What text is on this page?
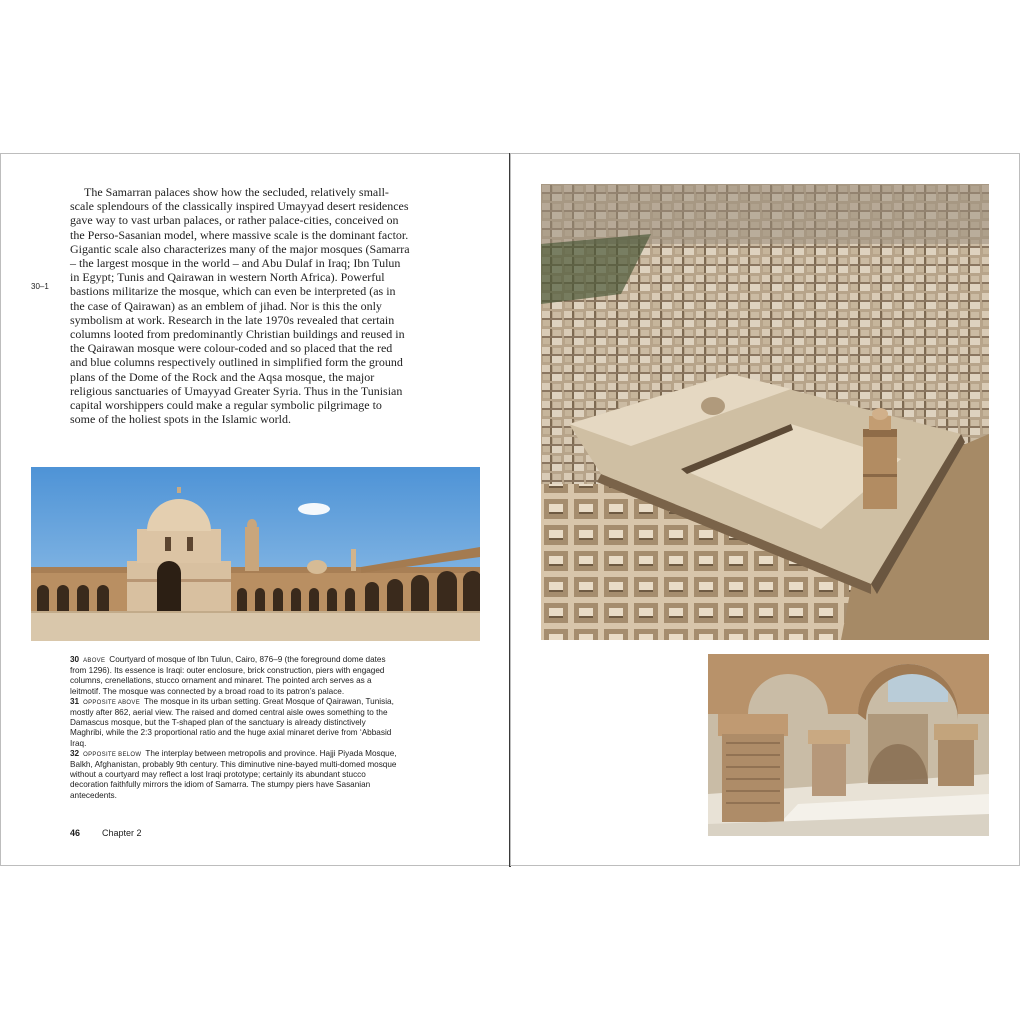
30–1

The Samarran palaces show how the secluded, relatively small-scale splendours of the classically inspired Umayyad desert residences gave way to vast urban palaces, or rather palace-cities, conceived on the Perso-Sasanian model, where massive scale is the dominant factor. Gigantic scale also characterizes many of the major mosques (Samarra – the largest mosque in the world – and Abu Dulaf in Iraq; Ibn Tulun in Egypt; Tunis and Qairawan in western North Africa). Powerful bastions militarize the mosque, which can even be interpreted (as in the case of Qairawan) as an emblem of jihad. Nor is this the only symbolism at work. Research in the late 1970s revealed that certain columns looted from predominantly Christian buildings and reused in the Qairawan mosque were colour-coded and so placed that the red and blue columns respectively outlined in simplified form the ground plans of the Dome of the Rock and the Aqsa mosque, the major religious sanctuaries of Umayyad Greater Syria. Thus in the Tunisian capital worshippers could make a regular symbolic pilgrimage to some of the holiest spots in the Islamic world.

30 ABOVE Courtyard of mosque of Ibn Tulun, Cairo, 876–9 (the foreground dome dates from 1296). Its essence is Iraqi: outer enclosure, brick construction, piers with engaged columns, crenellations, stucco ornament and minaret. The pointed arch serves as a leitmotif. The mosque was connected by a broad road to its patron’s palace.

31 OPPOSITE ABOVE The mosque in its urban setting. Great Mosque of Qairawan, Tunisia, mostly after 862, aerial view. The raised and domed central aisle owes something to the Damascus mosque, but the T-shaped plan of the sanctuary is already distinctively Maghribi, while the 2:3 proportional ratio and the huge axial minaret derive from ‘Abbasid Iraq.

32 OPPOSITE BELOW The interplay between metropolis and province. Hajji Piyada Mosque, Balkh, Afghanistan, probably 9th century. This diminutive nine-bayed multi-domed mosque without a courtyard may reflect a lost Iraqi prototype; certainly its abundant stucco decoration faithfully mirrors the idiom of Samarra. The stumpy piers have Sasanian antecedents.

46 Chapter 2
